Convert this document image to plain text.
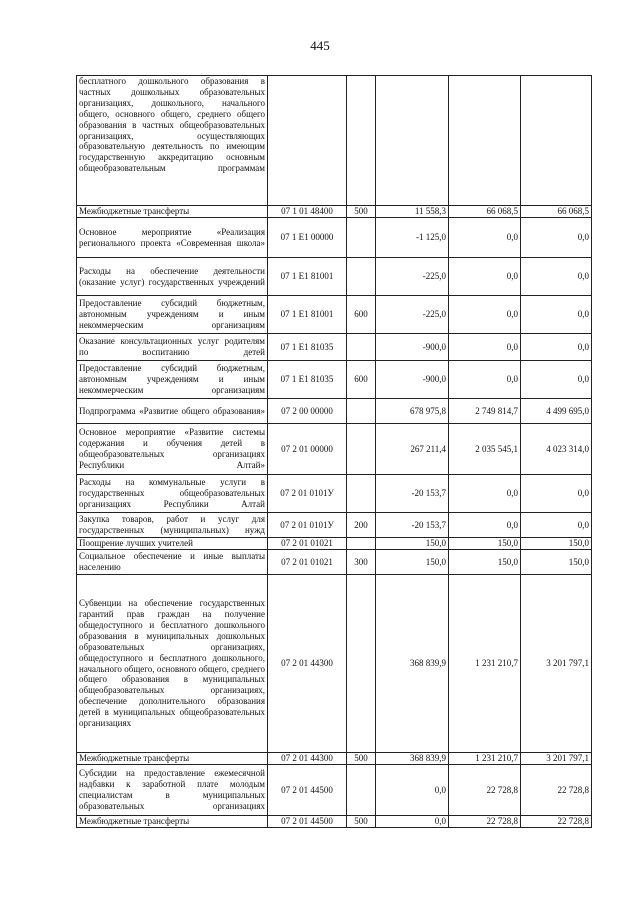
445
бесплатного дошкольного образования в частных дошкольных образовательных организациях, дошкольного, начального общего, основного общего, среднего общего образования в частных общеобразовательных организациях, осуществляющих образовательную деятельность по имеющим государственную аккредитацию основным общеобразовательным программам					
Межбюджетные трансферты	07 1 01 48400	500	11 558,3	66 068,5	66 068,5
Основное мероприятие «Реализация регионального проекта «Современная школа»	07 1 E1 00000		-1 125,0	0,0	0,0
Расходы на обеспечение деятельности (оказание услуг) государственных учреждений	07 1 E1 81001		-225,0	0,0	0,0
Предоставление субсидий бюджетным, автономным учреждениям и иным некоммерческим организациям	07 1 E1 81001	600	-225,0	0,0	0,0
Оказание консультационных услуг родителям по воспитанию детей	07 1 E1 81035		-900,0	0,0	0,0
Предоставление субсидий бюджетным, автономным учреждениям и иным некоммерческим организациям	07 1 E1 81035	600	-900,0	0,0	0,0
Подпрограмма «Развитие общего образования»	07 2 00 00000		678 975,8	2 749 814,7	4 499 695,0
Основное мероприятие «Развитие системы содержания и обучения детей в общеобразовательных организациях Республики Алтай»	07 2 01 00000		267 211,4	2 035 545,1	4 023 314,0
Расходы на коммунальные услуги в государственных общеобразовательных организациях Республики Алтай	07 2 01 0101У		-20 153,7	0,0	0,0
Закупка товаров, работ и услуг для государственных (муниципальных) нужд	07 2 01 0101У	200	-20 153,7	0,0	0,0
Поощрение лучших учителей	07 2 01 01021		150,0	150,0	150,0
Социальное обеспечение и иные выплаты населению	07 2 01 01021	300	150,0	150,0	150,0
Субвенции на обеспечение государственных гарантий прав граждан на получение общедоступного и бесплатного дошкольного образования в муниципальных дошкольных образовательных организациях, общедоступного и бесплатного дошкольного, начального общего, основного общего, среднего общего образования в муниципальных общеобразовательных организациях, обеспечение дополнительного образования детей в муниципальных общеобразовательных организациях	07 2 01 44300		368 839,9	1 231 210,7	3 201 797,1
Межбюджетные трансферты	07 2 01 44300	500	368 839,9	1 231 210,7	3 201 797,1
Субсидии на предоставление ежемесячной надбавки к заработной плате молодым специалистам в муниципальных образовательных организациях	07 2 01 44500		0,0	22 728,8	22 728,8
Межбюджетные трансферты	07 2 01 44500	500	0,0	22 728,8	22 728,8
